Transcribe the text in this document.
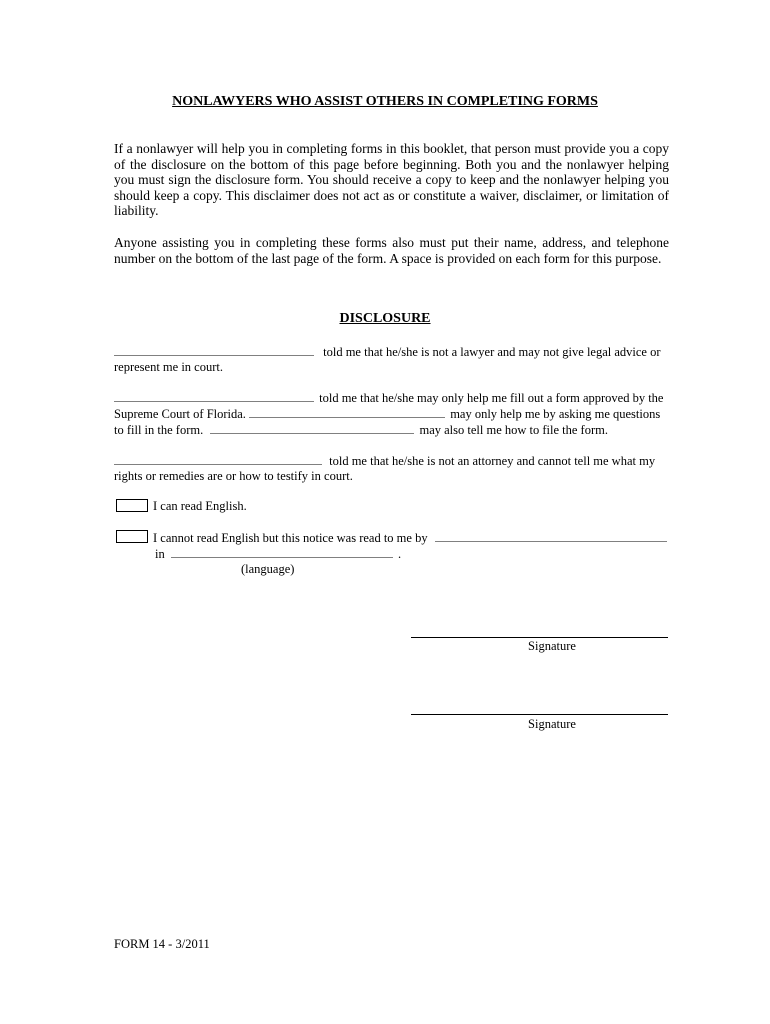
NONLAWYERS WHO ASSIST OTHERS IN COMPLETING FORMS
If a nonlawyer will help you in completing forms in this booklet, that person must provide you a copy of the disclosure on the bottom of this page before beginning. Both you and the nonlawyer helping you must sign the disclosure form. You should receive a copy to keep and the nonlawyer helping you should keep a copy. This disclaimer does not act as or constitute a waiver, disclaimer, or limitation of liability.
Anyone assisting you in completing these forms also must put their name, address, and telephone number on the bottom of the last page of the form. A space is provided on each form for this purpose.
DISCLOSURE
told me that he/she is not a lawyer and may not give legal advice or
represent me in court.
told me that he/she may only help me fill out a form approved by the
Supreme Court of Florida.	may only help me by asking me questions
to fill in the form.	may also tell me how to file the form.
told me that he/she is not an attorney and cannot tell me what my
rights or remedies are or how to testify in court.
I can read English.
I cannot read English but this notice was read to me by
in	.
(language)
Signature
Signature
FORM 14 - 3/2011
